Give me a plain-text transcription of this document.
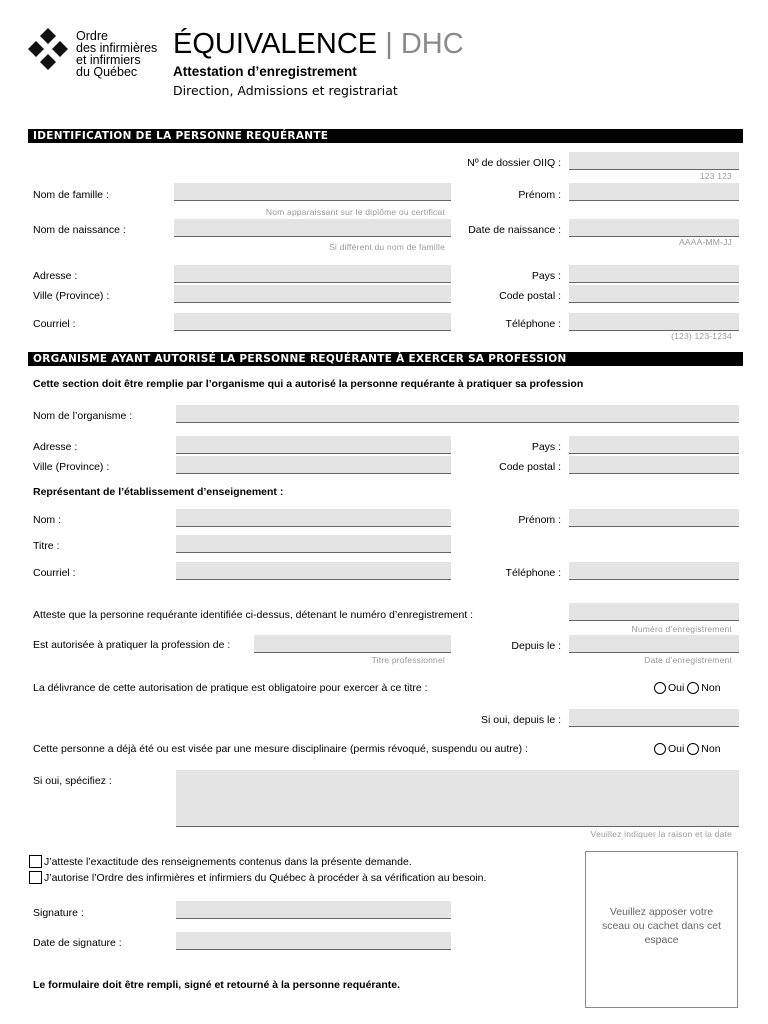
Ordre
des infirmières
et infirmiers
du Québec
ÉQUIVALENCE | DHC
Attestation d’enregistrement
Direction, Admissions et registrariat
IDENTIFICATION DE LA PERSONNE REQUÉRANTE
Nº de dossier OIIQ :
123 123
Nom de famille :
Nom apparaissant sur le diplôme ou certificat
Prénom :
Nom de naissance :
Si différent du nom de famille
Date de naissance :
AAAA-MM-JJ
Adresse :	Pays :
Ville (Province) :	Code postal :
Courriel :	Téléphone :
(123) 123-1234
ORGANISME AYANT AUTORISÉ LA PERSONNE REQUÉRANTE À EXERCER SA PROFESSION
Cette section doit être remplie par l’organisme qui a autorisé la personne requérante à pratiquer sa profession
Nom de l’organisme :
Adresse :	Pays :
Ville (Province) :	Code postal :
Représentant de l’établissement d’enseignement :
Nom :	Prénom :
Titre :
Courriel :	Téléphone :
Atteste que la personne requérante identifiée ci-dessus, détenant le numéro d’enregistrement :
Numéro d’enregistrement
Est autorisée à pratiquer la profession de :
Titre professionnel
Depuis le :
Date d’enregistrement
La délivrance de cette autorisation de pratique est obligatoire pour exercer à ce titre :	Oui Non
Si oui, depuis le :
Cette personne a déjà été ou est visée par une mesure disciplinaire (permis révoqué, suspendu ou autre) :	Oui Non
Si oui, spécifiez :
Veuillez indiquer la raison et la date
J’atteste l’exactitude des renseignements contenus dans la présente demande.
J’autorise l’Ordre des infirmières et infirmiers du Québec à procéder à sa vérification au besoin.
Signature :
Date de signature :
Veuillez apposer votre sceau ou cachet dans cet espace
Le formulaire doit être rempli, signé et retourné à la personne requérante.
